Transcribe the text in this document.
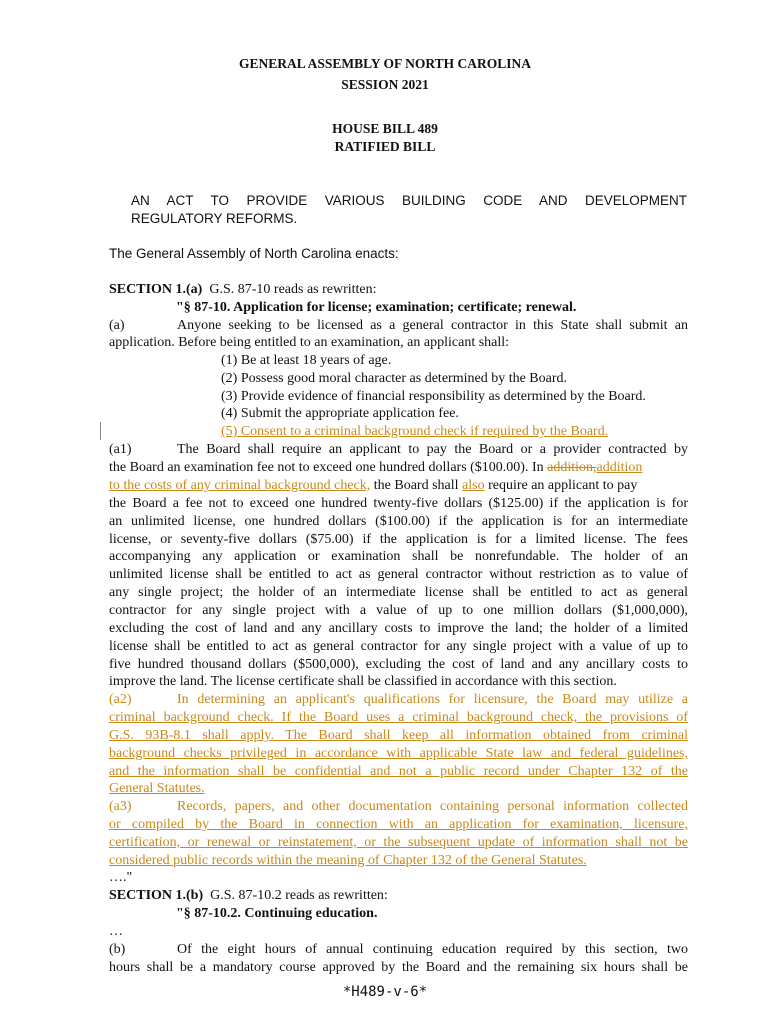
GENERAL ASSEMBLY OF NORTH CAROLINA
SESSION 2021
HOUSE BILL 489
RATIFIED BILL
AN ACT TO PROVIDE VARIOUS BUILDING CODE AND DEVELOPMENT
REGULATORY REFORMS.
The General Assembly of North Carolina enacts:
SECTION 1.(a) G.S. 87-10 reads as rewritten:
"§ 87-10. Application for license; examination; certificate; renewal.
(a)	Anyone seeking to be licensed as a general contractor in this State shall submit an
application. Before being entitled to an examination, an applicant shall:
(1) Be at least 18 years of age.
(2) Possess good moral character as determined by the Board.
(3) Provide evidence of financial responsibility as determined by the Board.
(4) Submit the appropriate application fee.
(5) Consent to a criminal background check if required by the Board.
(a1)	The Board shall require an applicant to pay the Board or a provider contracted by
the Board an examination fee not to exceed one hundred dollars ($100.00). In addition,addition
to the costs of any criminal background check, the Board shall also require an applicant to pay
the Board a fee not to exceed one hundred twenty-five dollars ($125.00) if the application is for
an unlimited license, one hundred dollars ($100.00) if the application is for an intermediate
license, or seventy-five dollars ($75.00) if the application is for a limited license. The fees
accompanying any application or examination shall be nonrefundable. The holder of an
unlimited license shall be entitled to act as general contractor without restriction as to value of
any single project; the holder of an intermediate license shall be entitled to act as general
contractor for any single project with a value of up to one million dollars ($1,000,000),
excluding the cost of land and any ancillary costs to improve the land; the holder of a limited
license shall be entitled to act as general contractor for any single project with a value of up to
five hundred thousand dollars ($500,000), excluding the cost of land and any ancillary costs to
improve the land. The license certificate shall be classified in accordance with this section.
(a2)	In determining an applicant's qualifications for licensure, the Board may utilize a
criminal background check. If the Board uses a criminal background check, the provisions of
G.S. 93B-8.1 shall apply. The Board shall keep all information obtained from criminal
background checks privileged in accordance with applicable State law and federal guidelines,
and the information shall be confidential and not a public record under Chapter 132 of the
General Statutes.
(a3)	Records, papers, and other documentation containing personal information collected
or compiled by the Board in connection with an application for examination, licensure,
certification, or renewal or reinstatement, or the subsequent update of information shall not be
considered public records within the meaning of Chapter 132 of the General Statutes.
…."
SECTION 1.(b) G.S. 87-10.2 reads as rewritten:
"§ 87-10.2. Continuing education.
…
(b)	Of the eight hours of annual continuing education required by this section, two
hours shall be a mandatory course approved by the Board and the remaining six hours shall be
*H489-v-6*
